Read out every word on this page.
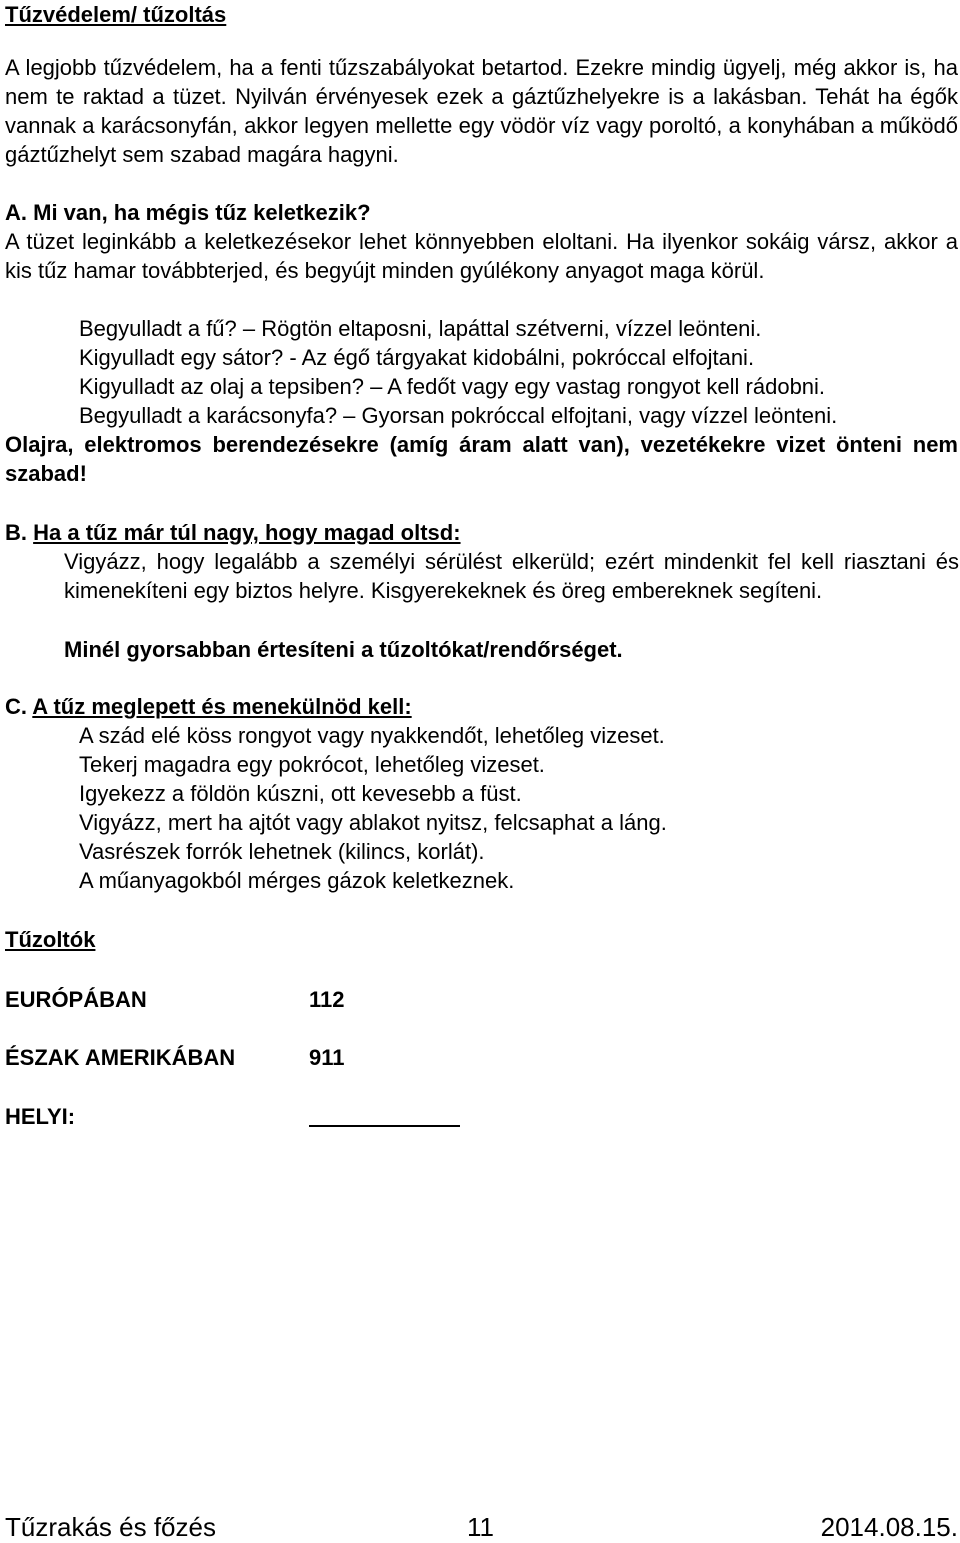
Tűzvédelem/ tűzoltás

A legjobb tűzvédelem, ha a fenti tűzszabályokat betartod. Ezekre mindig ügyelj, még akkor is, ha nem te raktad a tüzet. Nyilván érvényesek ezek a gáztűzhelyekre is a lakásban. Tehát ha égők vannak a karácsonyfán, akkor legyen mellette egy vödör víz vagy poroltó, a konyhában a működő gáztűzhelyt sem szabad magára hagyni.

A. Mi van, ha mégis tűz keletkezik?

A tüzet leginkább a keletkezésekor lehet könnyebben eloltani. Ha ilyenkor sokáig vársz, akkor a kis tűz hamar továbbterjed, és begyújt minden gyúlékony anyagot maga körül.

Begyulladt a fű? – Rögtön eltaposni, lapáttal szétverni, vízzel leönteni.
Kigyulladt egy sátor? - Az égő tárgyakat kidobálni, pokróccal elfojtani.
Kigyulladt az olaj a tepsiben? – A fedőt vagy egy vastag rongyot kell rádobni.
Begyulladt a karácsonyfa? – Gyorsan pokróccal elfojtani, vagy vízzel leönteni.

Olajra, elektromos berendezésekre (amíg áram alatt van), vezetékekre vizet önteni nem szabad!

B. Ha a tűz már túl nagy, hogy magad oltsd:

Vigyázz, hogy legalább a személyi sérülést elkerüld; ezért mindenkit fel kell riasztani és kimenekíteni egy biztos helyre. Kisgyerekeknek és öreg embereknek segíteni.

Minél gyorsabban értesíteni a tűzoltókat/rendőrséget.
C. A tűz meglepett és menekülnöd kell:
A szád elé köss rongyot vagy nyakkendőt, lehetőleg vizeset.
Tekerj magadra egy pokrócot, lehetőleg vizeset.
Igyekezz a földön kúszni, ott kevesebb a füst.
Vigyázz, mert ha ajtót vagy ablakot nyitsz, felcsaphat a láng.
Vasrészek forrók lehetnek (kilincs, korlát).
A műanyagokból mérges gázok keletkeznek.
Tűzoltók
EURÓPÁBAN	112
ÉSZAK AMERIKÁBAN	911
HELYI:
Tűzrakás és főzés	11	2014.08.15.
